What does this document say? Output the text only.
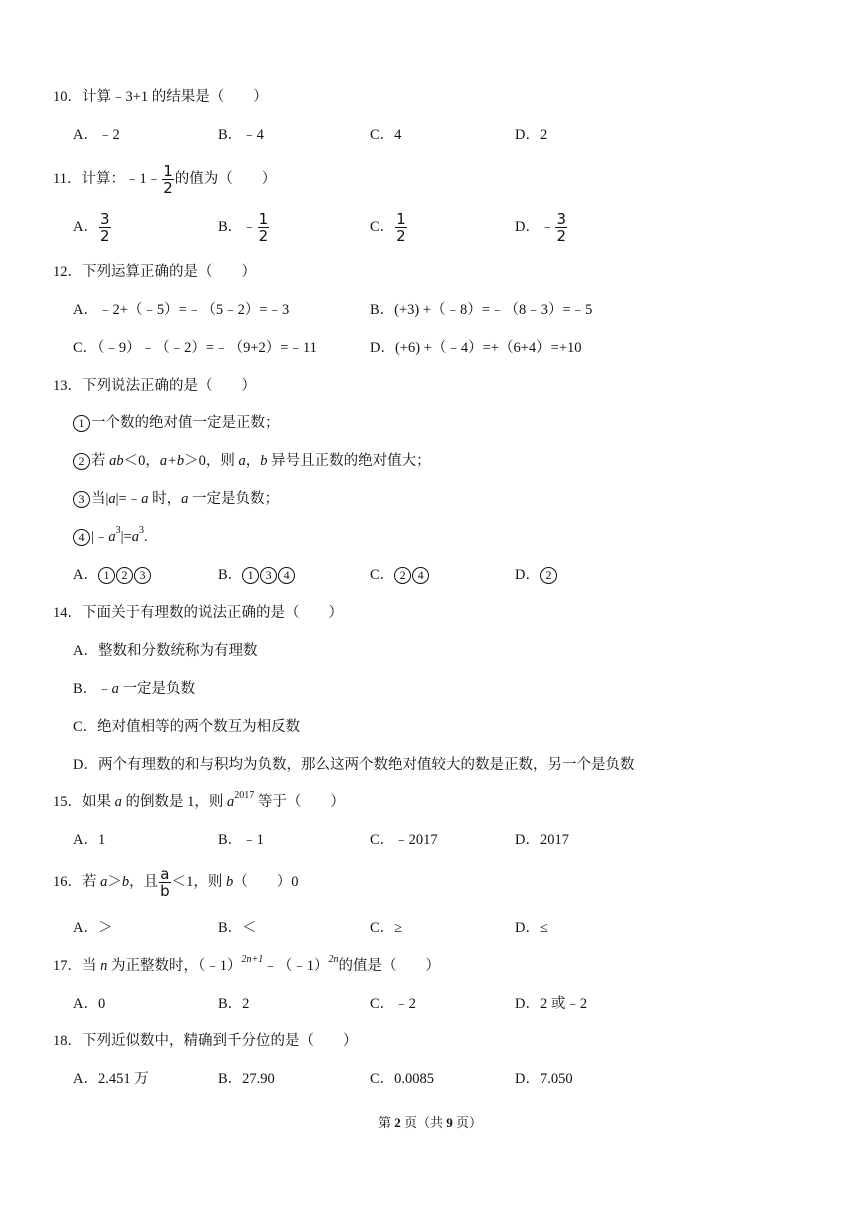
10．计算﹣3+1 的结果是（　　）
A．﹣2	B．﹣4	C．4	D．2
11．计算：﹣1﹣ $\frac{1}{2}$ 的值为（　　）
A． $\frac{3}{2}$	B．﹣ $\frac{1}{2}$	C． $\frac{1}{2}$	D．﹣ $\frac{3}{2}$
12．下列运算正确的是（　　）
A．﹣2+（﹣5）=﹣（5﹣2）=﹣3	B．(+3) +（﹣8）=﹣（8﹣3）=﹣5
C．（﹣9）﹣（﹣2）=﹣（9+2）=﹣11	D．(+6) +（﹣4）=+（6+4）=+10
13．下列说法正确的是（　　）
1 一个数的绝对值一定是正数；
2 若 ab＜0，a+b＞0，则 a，b 异号且正数的绝对值大；
3 当|a|=﹣a 时，a 一定是负数；
4 $|﹣a^3|=a^3$.
A． 1 2 3	B． 1 3 4	C． 2 4	D． 2
14．下面关于有理数的说法正确的是（　　）
A．整数和分数统称为有理数
B．﹣a 一定是负数
C．绝对值相等的两个数互为相反数
D．两个有理数的和与积均为负数，那么这两个数绝对值较大的数是正数，另一个是负数
15．如果 a 的倒数是 1，则 $a^{2017}$ 等于（　　）
A．1	B．﹣1	C．﹣2017	D．2017
16．若 a＞b，且 $\frac{a}{b} <1$，则 b（　　）0
A．＞	B．＜	C．≥	D．≤
17．当 n 为正整数时，（﹣1）$^{2n+1}$﹣（﹣1）$^{2n}$的值是（　　）
A．0	B．2	C．﹣2	D．2 或﹣2
18．下列近似数中，精确到千分位的是（　　）
A．2.451 万	B．27.90	C．0.0085	D．7.050
第 2 页（共 9 页）
